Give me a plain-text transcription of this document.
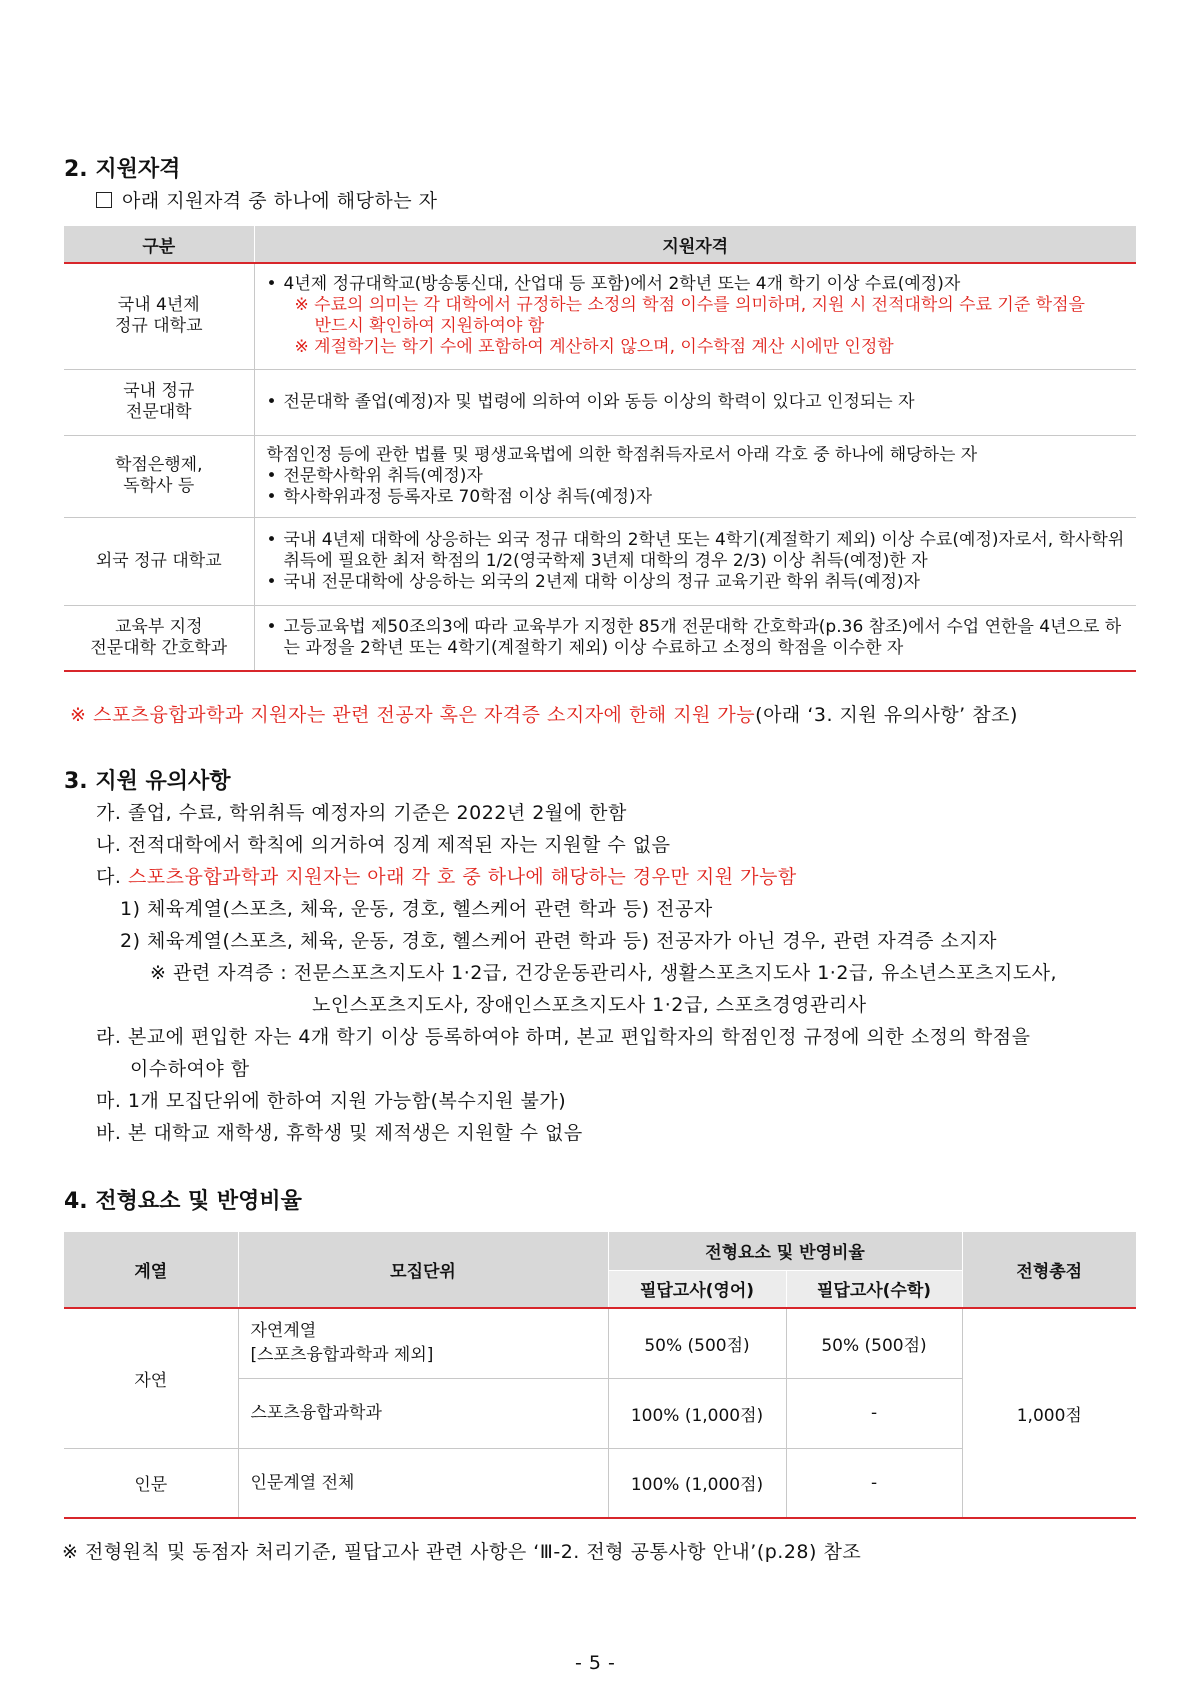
2. 지원자격
아래 지원자격 중 하나에 해당하는 자
구분	지원자격
국내 4년제
정규 대학교	• 4년제 정규대학교(방송통신대, 산업대 등 포함)에서 2학년 또는 4개 학기 이상 수료(예정)자
※ 수료의 의미는 각 대학에서 규정하는 소정의 학점 이수를 의미하며, 지원 시 전적대학의 수료 기준 학점을 반드시 확인하여 지원하여야 함
※ 계절학기는 학기 수에 포함하여 계산하지 않으며, 이수학점 계산 시에만 인정함

국내 정규
전문대학	• 전문대학 졸업(예정)자 및 법령에 의하여 이와 동등 이상의 학력이 있다고 인정되는 자

학점은행제,
독학사 등	학점인정 등에 관한 법률 및 평생교육법에 의한 학점취득자로서 아래 각호 중 하나에 해당하는 자
• 전문학사학위 취득(예정)자
• 학사학위과정 등록자로 70학점 이상 취득(예정)자

외국 정규 대학교	• 국내 4년제 대학에 상응하는 외국 정규 대학의 2학년 또는 4학기(계절학기 제외) 이상 수료(예정)자로서, 학사학위 취득에 필요한 최저 학점의 1/2(영국학제 3년제 대학의 경우 2/3) 이상 취득(예정)한 자
• 국내 전문대학에 상응하는 외국의 2년제 대학 이상의 정규 교육기관 학위 취득(예정)자

교육부 지정
전문대학 간호학과	• 고등교육법 제50조의3에 따라 교육부가 지정한 85개 전문대학 간호학과(p.36 참조)에서 수업 연한을 4년으로 하는 과정을 2학년 또는 4학기(계절학기 제외) 이상 수료하고 소정의 학점을 이수한 자
※ 스포츠융합과학과 지원자는 관련 전공자 혹은 자격증 소지자에 한해 지원 가능(아래 ‘3. 지원 유의사항’ 참조)
3. 지원 유의사항
가. 졸업, 수료, 학위취득 예정자의 기준은 2022년 2월에 한함
나. 전적대학에서 학칙에 의거하여 징계 제적된 자는 지원할 수 없음
다. 스포츠융합과학과 지원자는 아래 각 호 중 하나에 해당하는 경우만 지원 가능함
1) 체육계열(스포츠, 체육, 운동, 경호, 헬스케어 관련 학과 등) 전공자
2) 체육계열(스포츠, 체육, 운동, 경호, 헬스케어 관련 학과 등) 전공자가 아닌 경우, 관련 자격증 소지자
※ 관련 자격증 : 전문스포츠지도사 1·2급, 건강운동관리사, 생활스포츠지도사 1·2급, 유소년스포츠지도사,
노인스포츠지도사, 장애인스포츠지도사 1·2급, 스포츠경영관리사
라. 본교에 편입한 자는 4개 학기 이상 등록하여야 하며, 본교 편입학자의 학점인정 규정에 의한 소정의 학점을
이수하여야 함
마. 1개 모집단위에 한하여 지원 가능함(복수지원 불가)
바. 본 대학교 재학생, 휴학생 및 제적생은 지원할 수 없음
4. 전형요소 및 반영비율
계열	모집단위	전형요소 및 반영비율		전형총점
		필답고사(영어)	필답고사(수학)	
자연	자연계열
[스포츠융합과학과 제외]	50% (500점)	50% (500점)	1,000점
	스포츠융합과학과	100% (1,000점)	-	
인문	인문계열 전체	100% (1,000점)	-	
※ 전형원칙 및 동점자 처리기준, 필답고사 관련 사항은 ‘Ⅲ-2. 전형 공통사항 안내’(p.28) 참조
- 5 -
